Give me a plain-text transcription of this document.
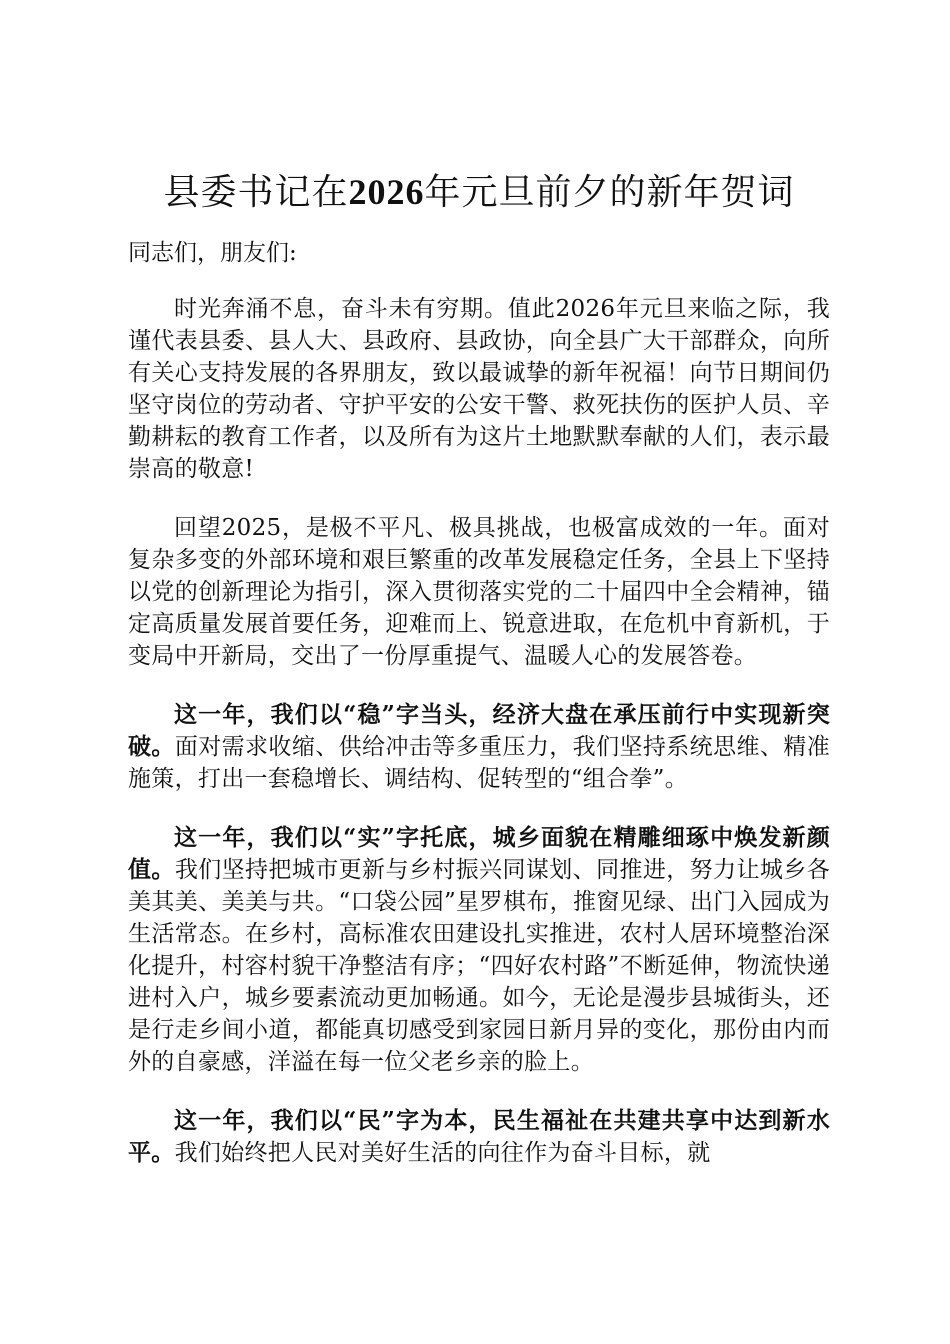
县委书记在2026年元旦前夕的新年贺词

同志们，朋友们:

时光奔涌不息，奋斗未有穷期。值此2026年元旦来临之际，我谨代表县委、县人大、县政府、县政协，向全县广大干部群众，向所有关心支持发展的各界朋友，致以最诚挚的新年祝福！向节日期间仍坚守岗位的劳动者、守护平安的公安干警、救死扶伤的医护人员、辛勤耕耘的教育工作者，以及所有为这片土地默默奉献的人们，表示最崇高的敬意!

回望2025，是极不平凡、极具挑战，也极富成效的一年。面对复杂多变的外部环境和艰巨繁重的改革发展稳定任务，全县上下坚持以党的创新理论为指引，深入贯彻落实党的二十届四中全会精神，锚定高质量发展首要任务，迎难而上、锐意进取，在危机中育新机，于变局中开新局，交出了一份厚重提气、温暖人心的发展答卷。

这一年，我们以“稳”字当头，经济大盘在承压前行中实现新突破。面对需求收缩、供给冲击等多重压力，我们坚持系统思维、精准施策，打出一套稳增长、调结构、促转型的“组合拳”。

这一年，我们以“实”字托底，城乡面貌在精雕细琢中焕发新颜值。我们坚持把城市更新与乡村振兴同谋划、同推进，努力让城乡各美其美、美美与共。“口袋公园”星罗棋布，推窗见绿、出门入园成为生活常态。在乡村，高标准农田建设扎实推进，农村人居环境整治深化提升，村容村貌干净整洁有序；“四好农村路”不断延伸，物流快递进村入户，城乡要素流动更加畅通。如今，无论是漫步县城街头，还是行走乡间小道，都能真切感受到家园日新月异的变化，那份由内而外的自豪感，洋溢在每一位父老乡亲的脸上。

这一年，我们以“民”字为本，民生福祉在共建共享中达到新水平。我们始终把人民对美好生活的向往作为奋斗目标，就
